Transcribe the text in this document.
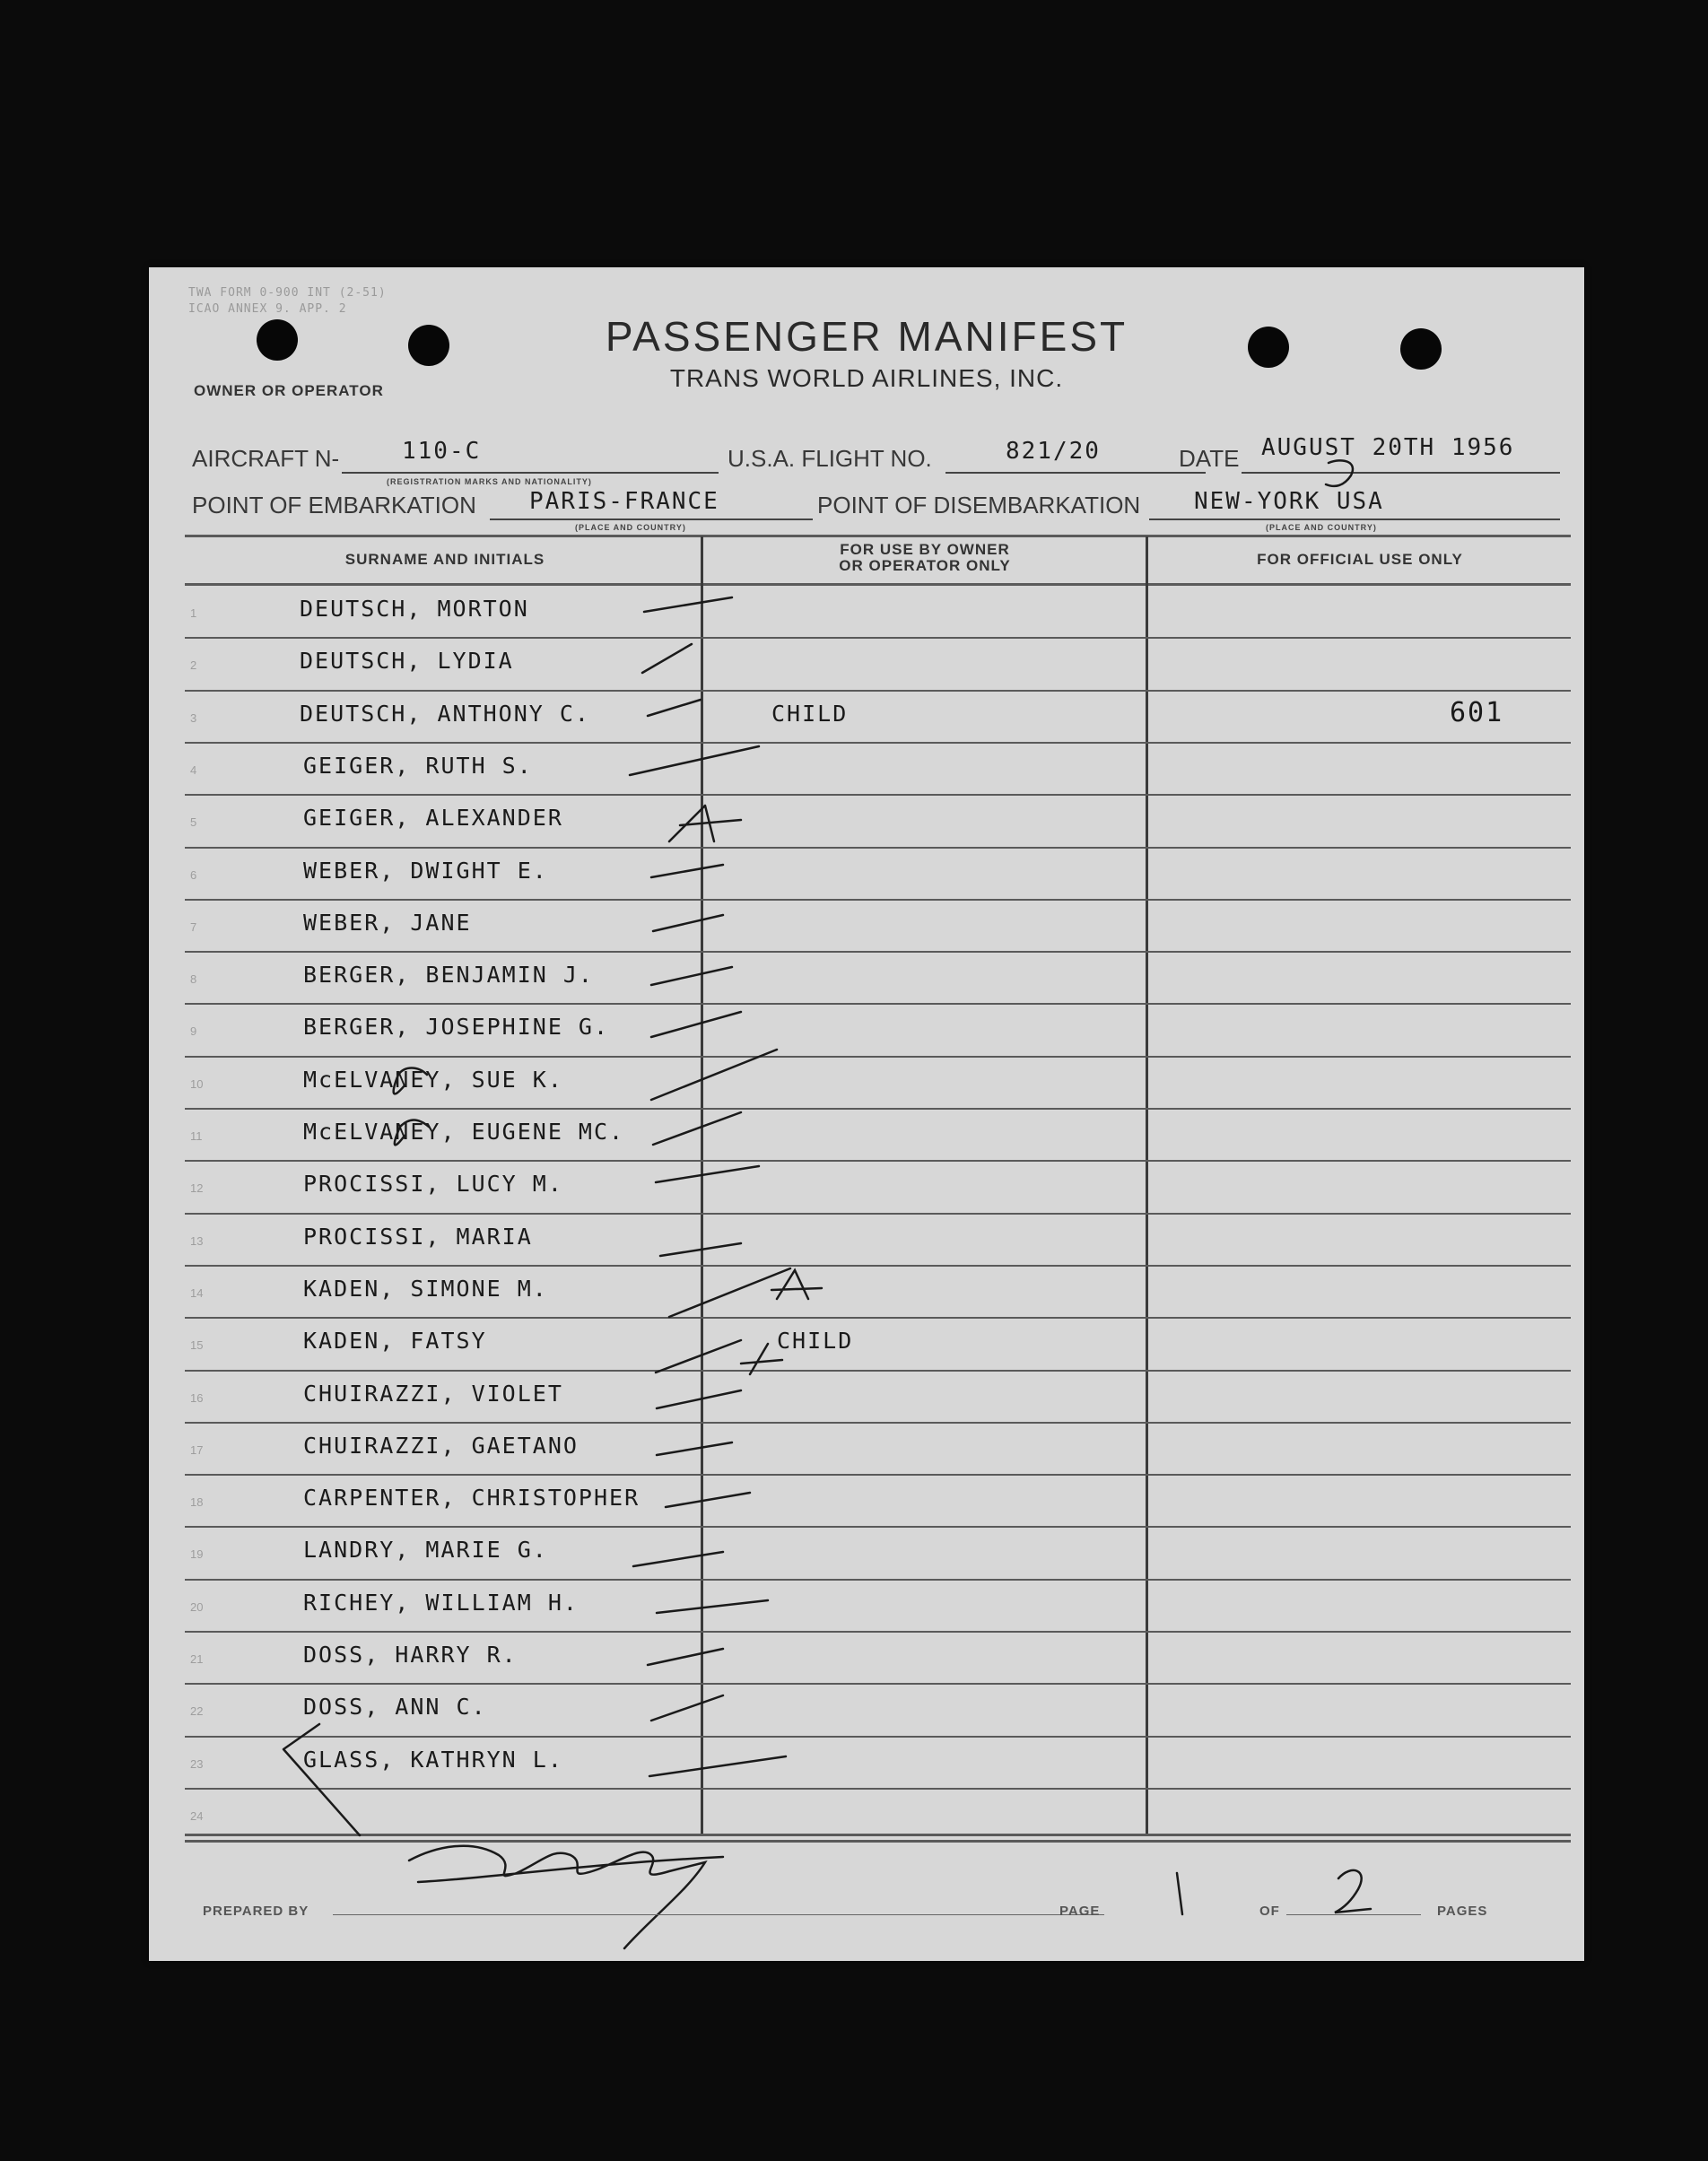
TWA FORM 0-900 INT (2-51)
ICAO ANNEX 9. APP. 2
PASSENGER MANIFEST
TRANS WORLD AIRLINES, INC.
OWNER OR OPERATOR
AIRCRAFT N-	110-C
(REGISTRATION MARKS AND NATIONALITY)
U.S.A. FLIGHT NO.	821/20	DATE AUGUST 20TH 1956
POINT OF EMBARKATION PARIS-FRANCE
(PLACE AND COUNTRY)
POINT OF DISEMBARKATION NEW-YORK USA
(PLACE AND COUNTRY)
SURNAME AND INITIALS
FOR USE BY OWNER
OR OPERATOR ONLY	FOR OFFICIAL USE ONLY
1	DEUTSCH, MORTON
2	DEUTSCH, LYDIA
3	DEUTSCH, ANTHONY C.	CHILD	601
4	GEIGER, RUTH S.
5	GEIGER, ALEXANDER
6	WEBER, DWIGHT E.
7	WEBER, JANE
8	BERGER, BENJAMIN J.
9	BERGER, JOSEPHINE G.
10	McELVANEY, SUE K.
11	McELVANEY, EUGENE MC.
12	PROCISSI, LUCY M.
13	PROCISSI, MARIA
14	KADEN, SIMONE M.
15	KADEN, FATSY	CHILD
16	CHUIRAZZI, VIOLET
17	CHUIRAZZI, GAETANO
18	CARPENTER, CHRISTOPHER
19	LANDRY, MARIE G.
20	RICHEY, WILLIAM H.
21	DOSS, HARRY R.
22	DOSS, ANN C.
23	GLASS, KATHRYN L.
24
PREPARED BY	PAGE	OF	PAGES
